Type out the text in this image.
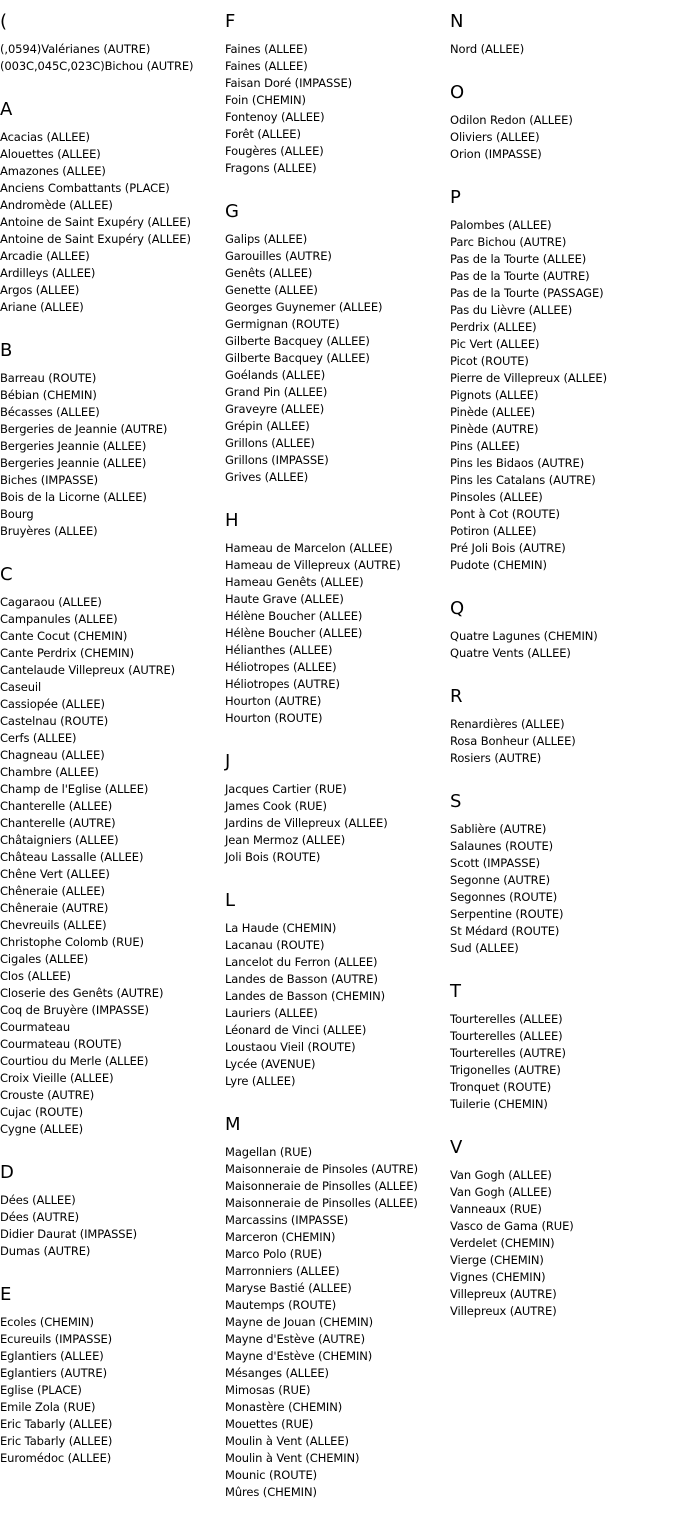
(
(,0594)Valérianes (AUTRE)
(003C,045C,023C)Bichou (AUTRE)
A
Acacias (ALLEE)
Alouettes (ALLEE)
Amazones (ALLEE)
Anciens Combattants (PLACE)
Andromède (ALLEE)
Antoine de Saint Exupéry (ALLEE)
Antoine de Saint Exupéry (ALLEE)
Arcadie (ALLEE)
Ardilleys (ALLEE)
Argos (ALLEE)
Ariane (ALLEE)
B
Barreau (ROUTE)
Bébian (CHEMIN)
Bécasses (ALLEE)
Bergeries de Jeannie (AUTRE)
Bergeries Jeannie (ALLEE)
Bergeries Jeannie (ALLEE)
Biches (IMPASSE)
Bois de la Licorne (ALLEE)
Bourg
Bruyères (ALLEE)
C
Cagaraou (ALLEE)
Campanules (ALLEE)
Cante Cocut (CHEMIN)
Cante Perdrix (CHEMIN)
Cantelaude Villepreux (AUTRE)
Caseuil
Cassiopée (ALLEE)
Castelnau (ROUTE)
Cerfs (ALLEE)
Chagneau (ALLEE)
Chambre (ALLEE)
Champ de l'Eglise (ALLEE)
Chanterelle (ALLEE)
Chanterelle (AUTRE)
Châtaigniers (ALLEE)
Château Lassalle (ALLEE)
Chêne Vert (ALLEE)
Chêneraie (ALLEE)
Chêneraie (AUTRE)
Chevreuils (ALLEE)
Christophe Colomb (RUE)
Cigales (ALLEE)
Clos (ALLEE)
Closerie des Genêts (AUTRE)
Coq de Bruyère (IMPASSE)
Courmateau
Courmateau (ROUTE)
Courtiou du Merle (ALLEE)
Croix Vieille (ALLEE)
Crouste (AUTRE)
Cujac (ROUTE)
Cygne (ALLEE)
D
Dées (ALLEE)
Dées (AUTRE)
Didier Daurat (IMPASSE)
Dumas (AUTRE)
E
Ecoles (CHEMIN)
Ecureuils (IMPASSE)
Eglantiers (ALLEE)
Eglantiers (AUTRE)
Eglise (PLACE)
Emile Zola (RUE)
Eric Tabarly (ALLEE)
Eric Tabarly (ALLEE)
Euromédoc (ALLEE)
F
Faines (ALLEE)
Faines (ALLEE)
Faisan Doré (IMPASSE)
Foin (CHEMIN)
Fontenoy (ALLEE)
Forêt (ALLEE)
Fougères (ALLEE)
Fragons (ALLEE)
G
Galips (ALLEE)
Garouilles (AUTRE)
Genêts (ALLEE)
Genette (ALLEE)
Georges Guynemer (ALLEE)
Germignan (ROUTE)
Gilberte Bacquey (ALLEE)
Gilberte Bacquey (ALLEE)
Goélands (ALLEE)
Grand Pin (ALLEE)
Graveyre (ALLEE)
Grépin (ALLEE)
Grillons (ALLEE)
Grillons (IMPASSE)
Grives (ALLEE)
H
Hameau de Marcelon (ALLEE)
Hameau de Villepreux (AUTRE)
Hameau Genêts (ALLEE)
Haute Grave (ALLEE)
Hélène Boucher (ALLEE)
Hélène Boucher (ALLEE)
Hélianthes (ALLEE)
Héliotropes (ALLEE)
Héliotropes (AUTRE)
Hourton (AUTRE)
Hourton (ROUTE)
J
Jacques Cartier (RUE)
James Cook (RUE)
Jardins de Villepreux (ALLEE)
Jean Mermoz (ALLEE)
Joli Bois (ROUTE)
L
La Haude (CHEMIN)
Lacanau (ROUTE)
Lancelot du Ferron (ALLEE)
Landes de Basson (AUTRE)
Landes de Basson (CHEMIN)
Lauriers (ALLEE)
Léonard de Vinci (ALLEE)
Loustaou Vieil (ROUTE)
Lycée (AVENUE)
Lyre (ALLEE)
M
Magellan (RUE)
Maisonneraie de Pinsoles (AUTRE)
Maisonneraie de Pinsolles (ALLEE)
Maisonneraie de Pinsolles (ALLEE)
Marcassins (IMPASSE)
Marceron (CHEMIN)
Marco Polo (RUE)
Marronniers (ALLEE)
Maryse Bastié (ALLEE)
Mautemps (ROUTE)
Mayne de Jouan (CHEMIN)
Mayne d'Estève (AUTRE)
Mayne d'Estève (CHEMIN)
Mésanges (ALLEE)
Mimosas (RUE)
Monastère (CHEMIN)
Mouettes (RUE)
Moulin à Vent (ALLEE)
Moulin à Vent (CHEMIN)
Mounic (ROUTE)
Mûres (CHEMIN)
N
Nord (ALLEE)
O
Odilon Redon (ALLEE)
Oliviers (ALLEE)
Orion (IMPASSE)
P
Palombes (ALLEE)
Parc Bichou (AUTRE)
Pas de la Tourte (ALLEE)
Pas de la Tourte (AUTRE)
Pas de la Tourte (PASSAGE)
Pas du Lièvre (ALLEE)
Perdrix (ALLEE)
Pic Vert (ALLEE)
Picot (ROUTE)
Pierre de Villepreux (ALLEE)
Pignots (ALLEE)
Pinède (ALLEE)
Pinède (AUTRE)
Pins (ALLEE)
Pins les Bidaos (AUTRE)
Pins les Catalans (AUTRE)
Pinsoles (ALLEE)
Pont à Cot (ROUTE)
Potiron (ALLEE)
Pré Joli Bois (AUTRE)
Pudote (CHEMIN)
Q
Quatre Lagunes (CHEMIN)
Quatre Vents (ALLEE)
R
Renardières (ALLEE)
Rosa Bonheur (ALLEE)
Rosiers (AUTRE)
S
Sablière (AUTRE)
Salaunes (ROUTE)
Scott (IMPASSE)
Segonne (AUTRE)
Segonnes (ROUTE)
Serpentine (ROUTE)
St Médard (ROUTE)
Sud (ALLEE)
T
Tourterelles (ALLEE)
Tourterelles (ALLEE)
Tourterelles (AUTRE)
Trigonelles (AUTRE)
Tronquet (ROUTE)
Tuilerie (CHEMIN)
V
Van Gogh (ALLEE)
Van Gogh (ALLEE)
Vanneaux (RUE)
Vasco de Gama (RUE)
Verdelet (CHEMIN)
Vierge (CHEMIN)
Vignes (CHEMIN)
Villepreux (AUTRE)
Villepreux (AUTRE)
